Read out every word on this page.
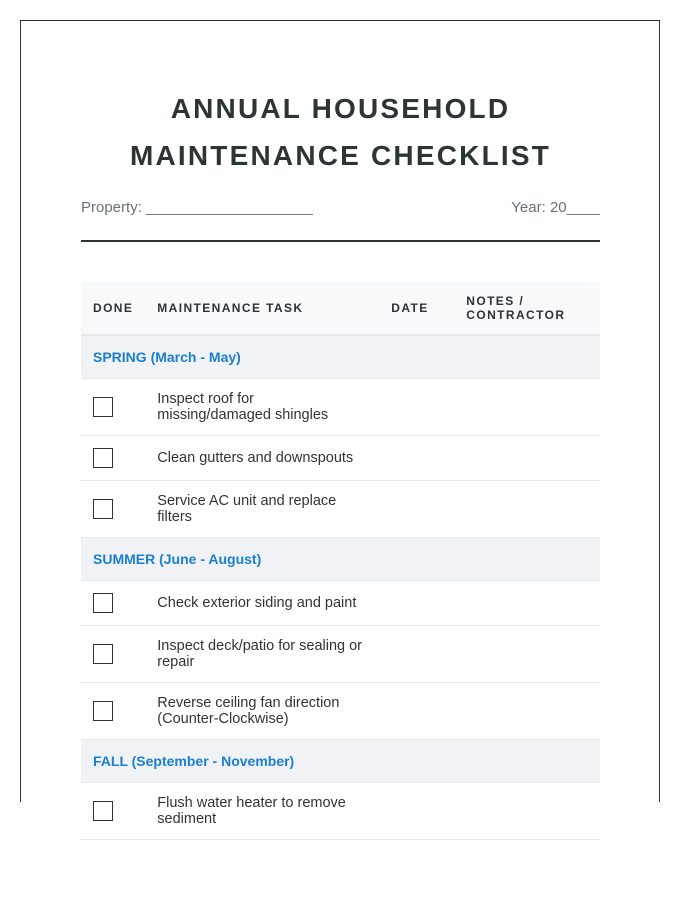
ANNUAL HOUSEHOLD
MAINTENANCE CHECKLIST
Property: ____________________	Year: 20____
DONE	MAINTENANCE TASK	DATE	NOTES / CONTRACTOR
SPRING (March - May)			

	Inspect roof for missing/damaged shingles		

	Clean gutters and downspouts		

	Service AC unit and replace filters		
SUMMER (June - August)			

	Check exterior siding and paint		

	Inspect deck/patio for sealing or repair		

	Reverse ceiling fan direction (Counter-Clockwise)		
FALL (September - November)			

	Flush water heater to remove sediment		
